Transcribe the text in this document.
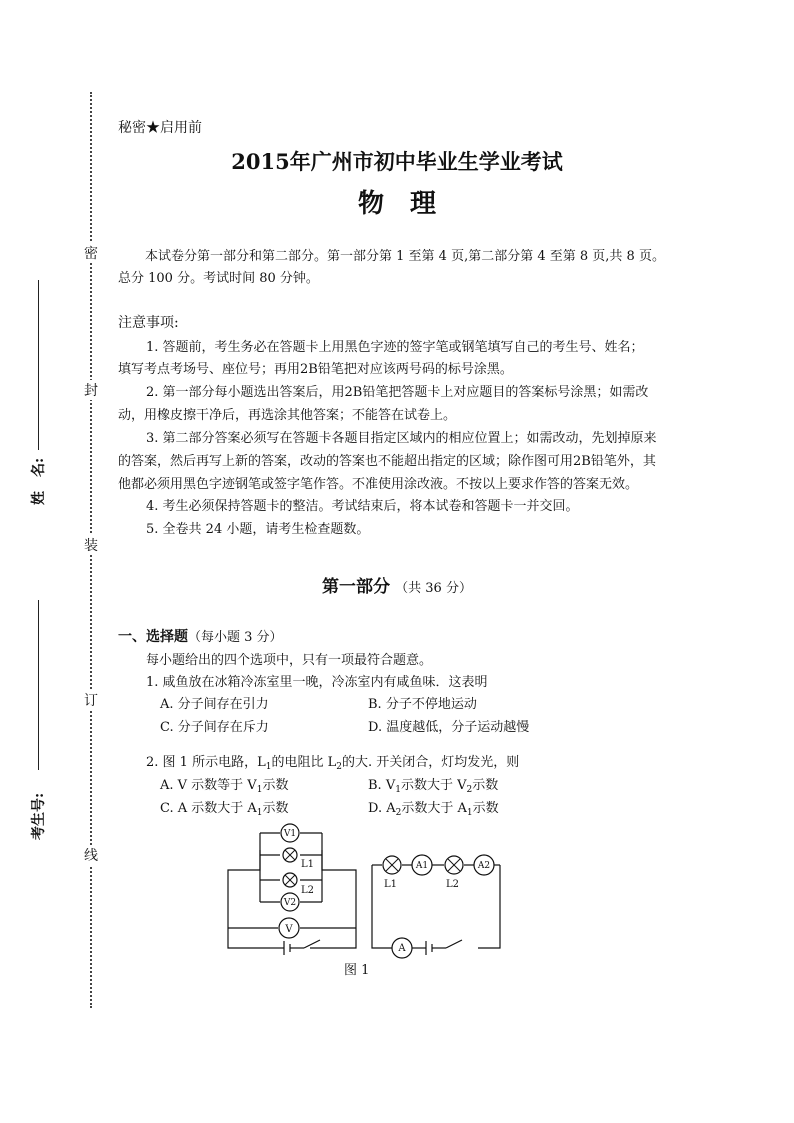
密
封
装
订
线
姓　名:
考生号:
秘密★启用前
2015年广州市初中毕业生学业考试
物　理
本试卷分第一部分和第二部分。第一部分第 1 至第 4 页,第二部分第 4 至第 8 页,共 8 页。
总分 100 分。考试时间 80 分钟。
注意事项:
1. 答题前，考生务必在答题卡上用黑色字迹的签字笔或钢笔填写自己的考生号、姓名；
填写考点考场号、座位号；再用2B铅笔把对应该两号码的标号涂黑。
2. 第一部分每小题选出答案后，用2B铅笔把答题卡上对应题目的答案标号涂黑；如需改
动，用橡皮擦干净后，再选涂其他答案；不能答在试卷上。
3. 第二部分答案必须写在答题卡各题目指定区域内的相应位置上；如需改动，先划掉原来
的答案，然后再写上新的答案，改动的答案也不能超出指定的区域；除作图可用2B铅笔外，其
他都必须用黑色字迹钢笔或签字笔作答。不准使用涂改液。不按以上要求作答的答案无效。
4. 考生必须保持答题卡的整洁。考试结束后，将本试卷和答题卡一并交回。
5. 全卷共 24 小题，请考生检查题数。
第一部分 （共 36 分）
一、选择题（每小题 3 分）
每小题给出的四个选项中，只有一项最符合题意。
1. 咸鱼放在冰箱冷冻室里一晚，冷冻室内有咸鱼味．这表明
A. 分子间存在引力	B. 分子不停地运动
C. 分子间存在斥力	D. 温度越低，分子运动越慢
2. 图 1 所示电路，$L_1$的电阻比 $L_2$的大. 开关闭合，灯均发光，则
A. V 示数等于 $V_1$示数	B. $V_1$示数大于 $V_2$示数
C. A 示数大于 $A_1$示数	D. $A_2$示数大于 $A_1$示数
V1
V2
V
A1	A2
A
L1
L2
L1	L2
图 1
